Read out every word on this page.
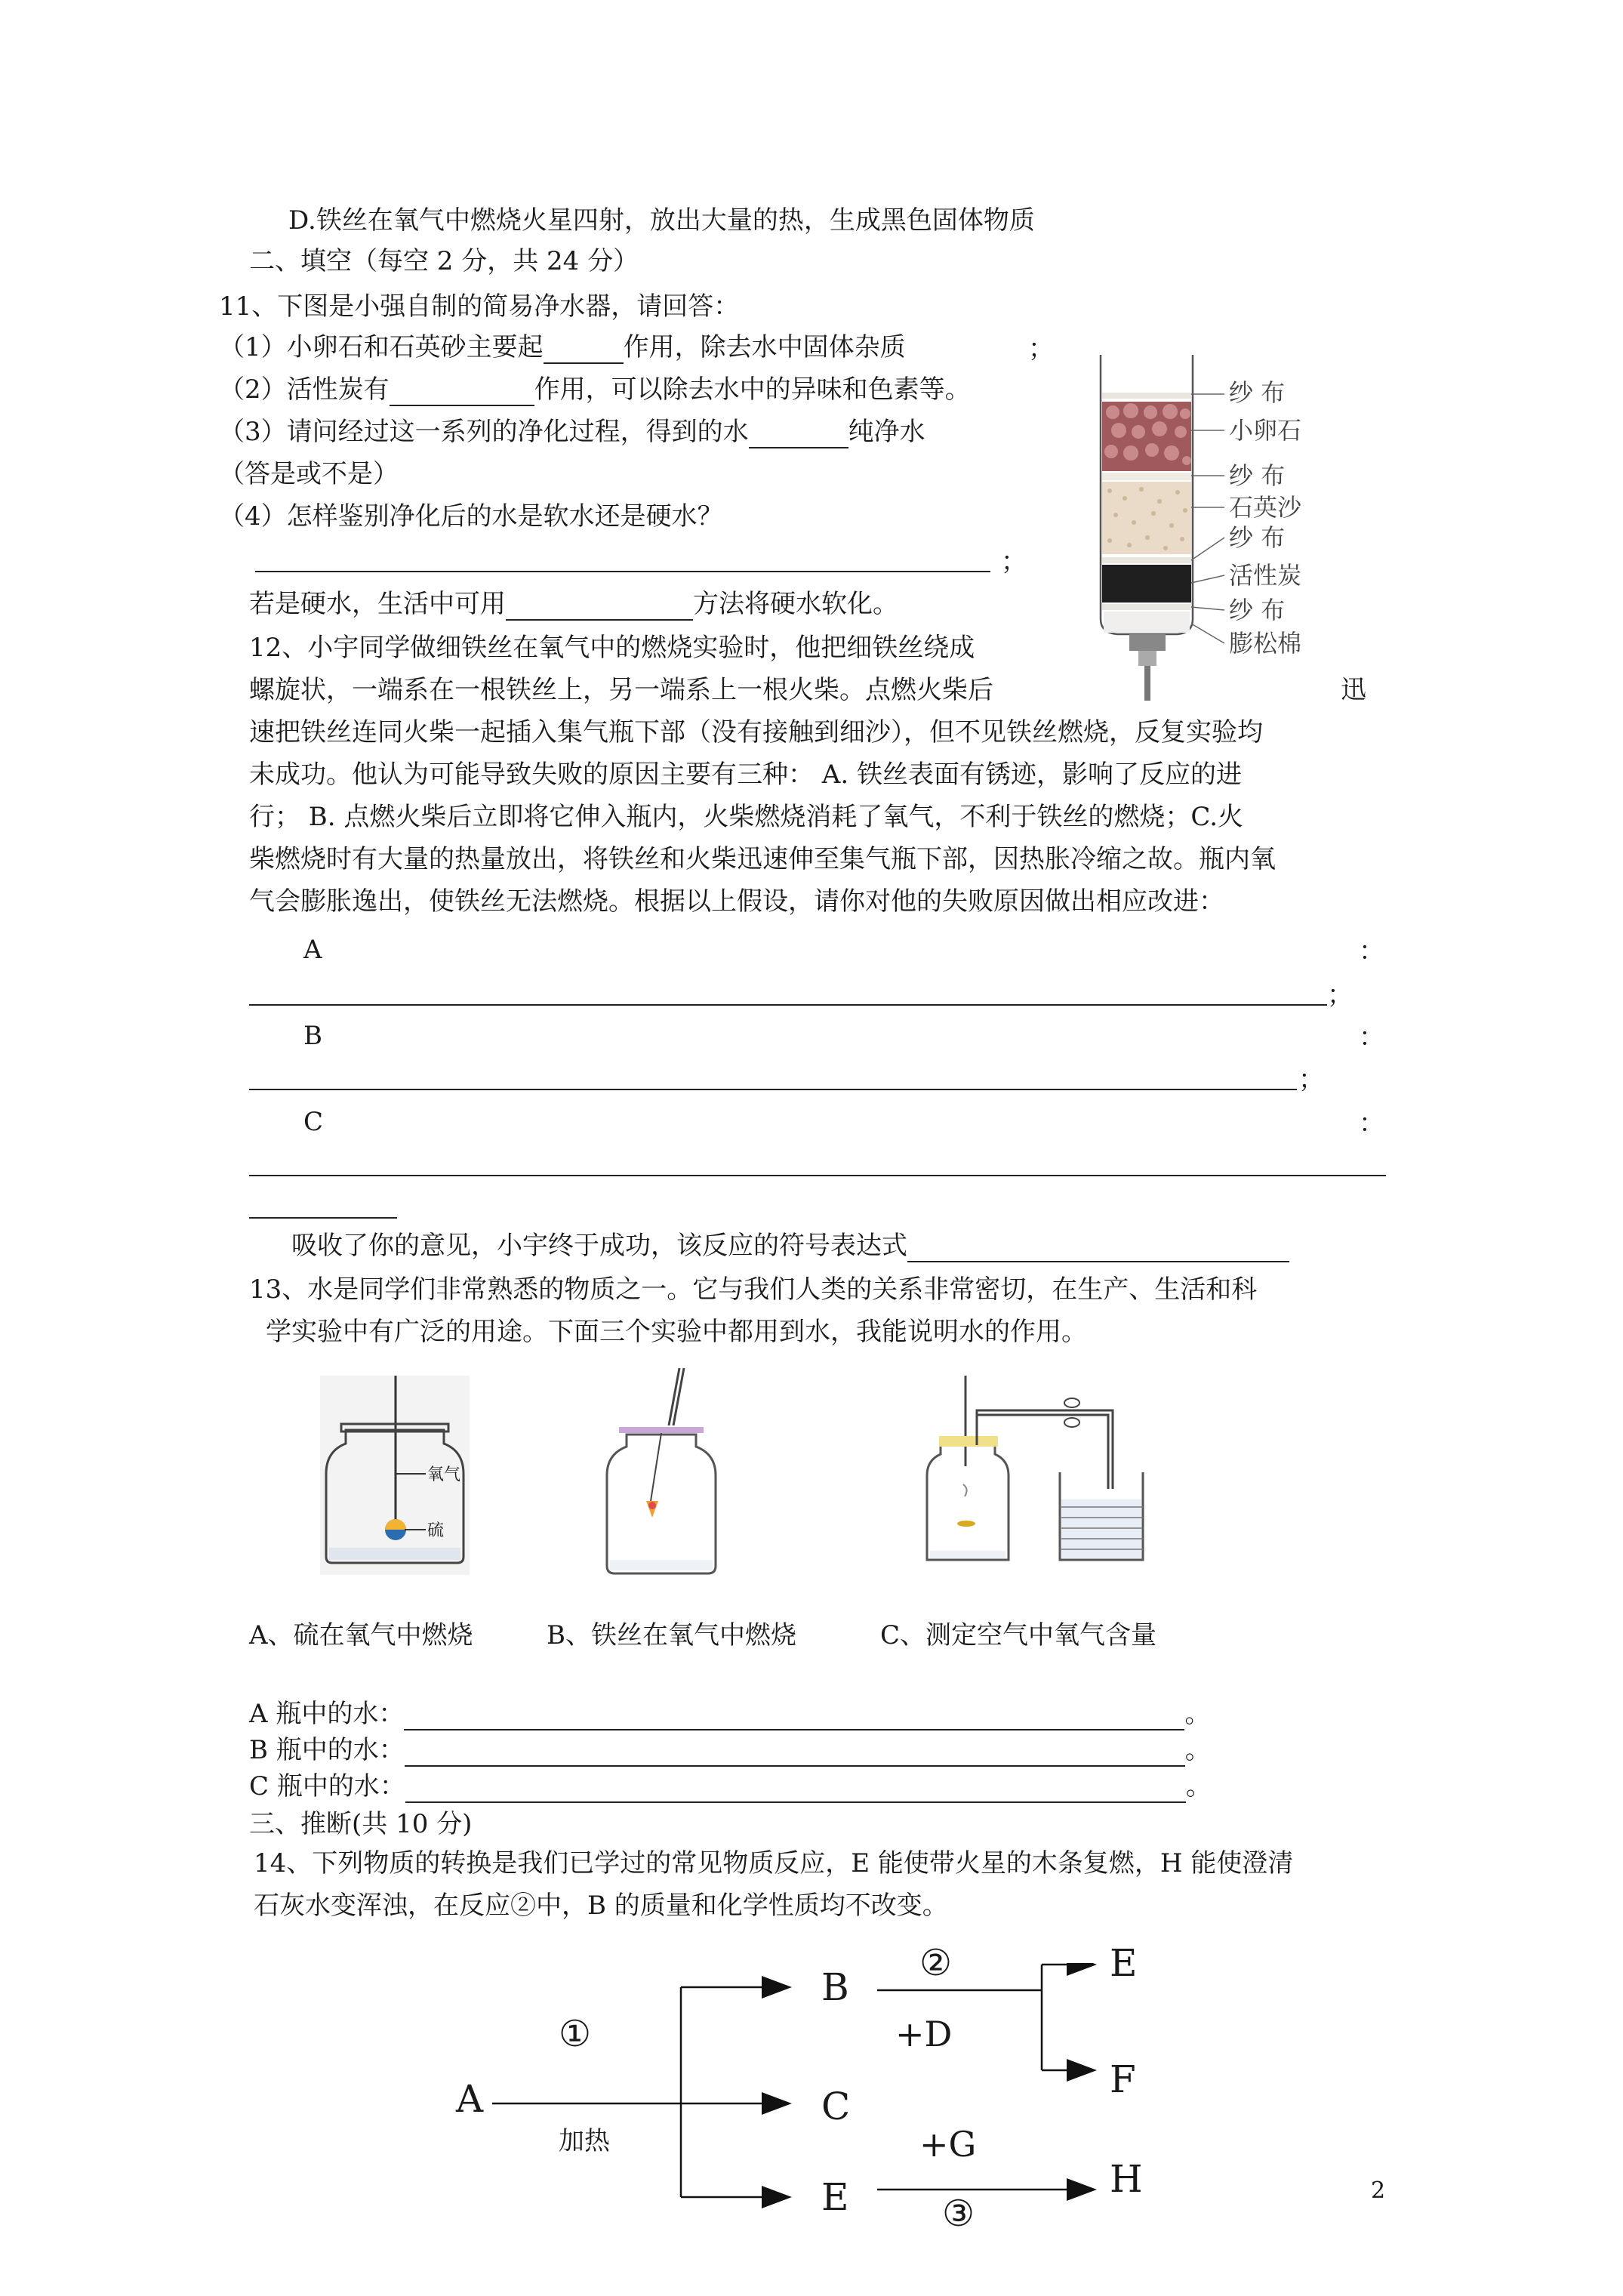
D.铁丝在氧气中燃烧火星四射，放出大量的热，生成黑色固体物质
二、填空（每空 2 分，共 24 分）
11、下图是小强自制的简易净水器，请回答：
（1）小卵石和石英砂主要起	作用，除去水中固体杂质	；
（2）活性炭有	作用，可以除去水中的异味和色素等。
（3）请问经过这一系列的净化过程，得到的水	纯净水
（答是或不是）
（4）怎样鉴别净化后的水是软水还是硬水？
；
若是硬水，生活中可用	方法将硬水软化。
纱 布
小卵石
纱 布
石英沙
纱 布
活性炭
纱 布
膨松棉
12、小宇同学做细铁丝在氧气中的燃烧实验时，他把细铁丝绕成
螺旋状，一端系在一根铁丝上，另一端系上一根火柴。点燃火柴后	迅
速把铁丝连同火柴一起插入集气瓶下部（没有接触到细沙），但不见铁丝燃烧，反复实验均
未成功。他认为可能导致失败的原因主要有三种： A. 铁丝表面有锈迹，影响了反应的进
行； B. 点燃火柴后立即将它伸入瓶内，火柴燃烧消耗了氧气，不利于铁丝的燃烧；C.火
柴燃烧时有大量的热量放出，将铁丝和火柴迅速伸至集气瓶下部，因热胀冷缩之故。瓶内氧
气会膨胀逸出，使铁丝无法燃烧。根据以上假设，请你对他的失败原因做出相应改进：
A	：
；
B	：
；
C	：
吸收了你的意见，小宇终于成功，该反应的符号表达式
13、水是同学们非常熟悉的物质之一。它与我们人类的关系非常密切，在生产、生活和科
学实验中有广泛的用途。下面三个实验中都用到水，我能说明水的作用。
氧气
硫
A、硫在氧气中燃烧	B、铁丝在氧气中燃烧	C、测定空气中氧气含量
A 瓶中的水：	。
B 瓶中的水：	。
C 瓶中的水：	。
三、推断(共 10 分)
14、下列物质的转换是我们已学过的常见物质反应，E 能使带火星的木条复燃，H 能使澄清
石灰水变浑浊，在反应②中，B 的质量和化学性质均不改变。
A
B
C
E
E
F
H
①
加热
②
+D
+G
③
2
